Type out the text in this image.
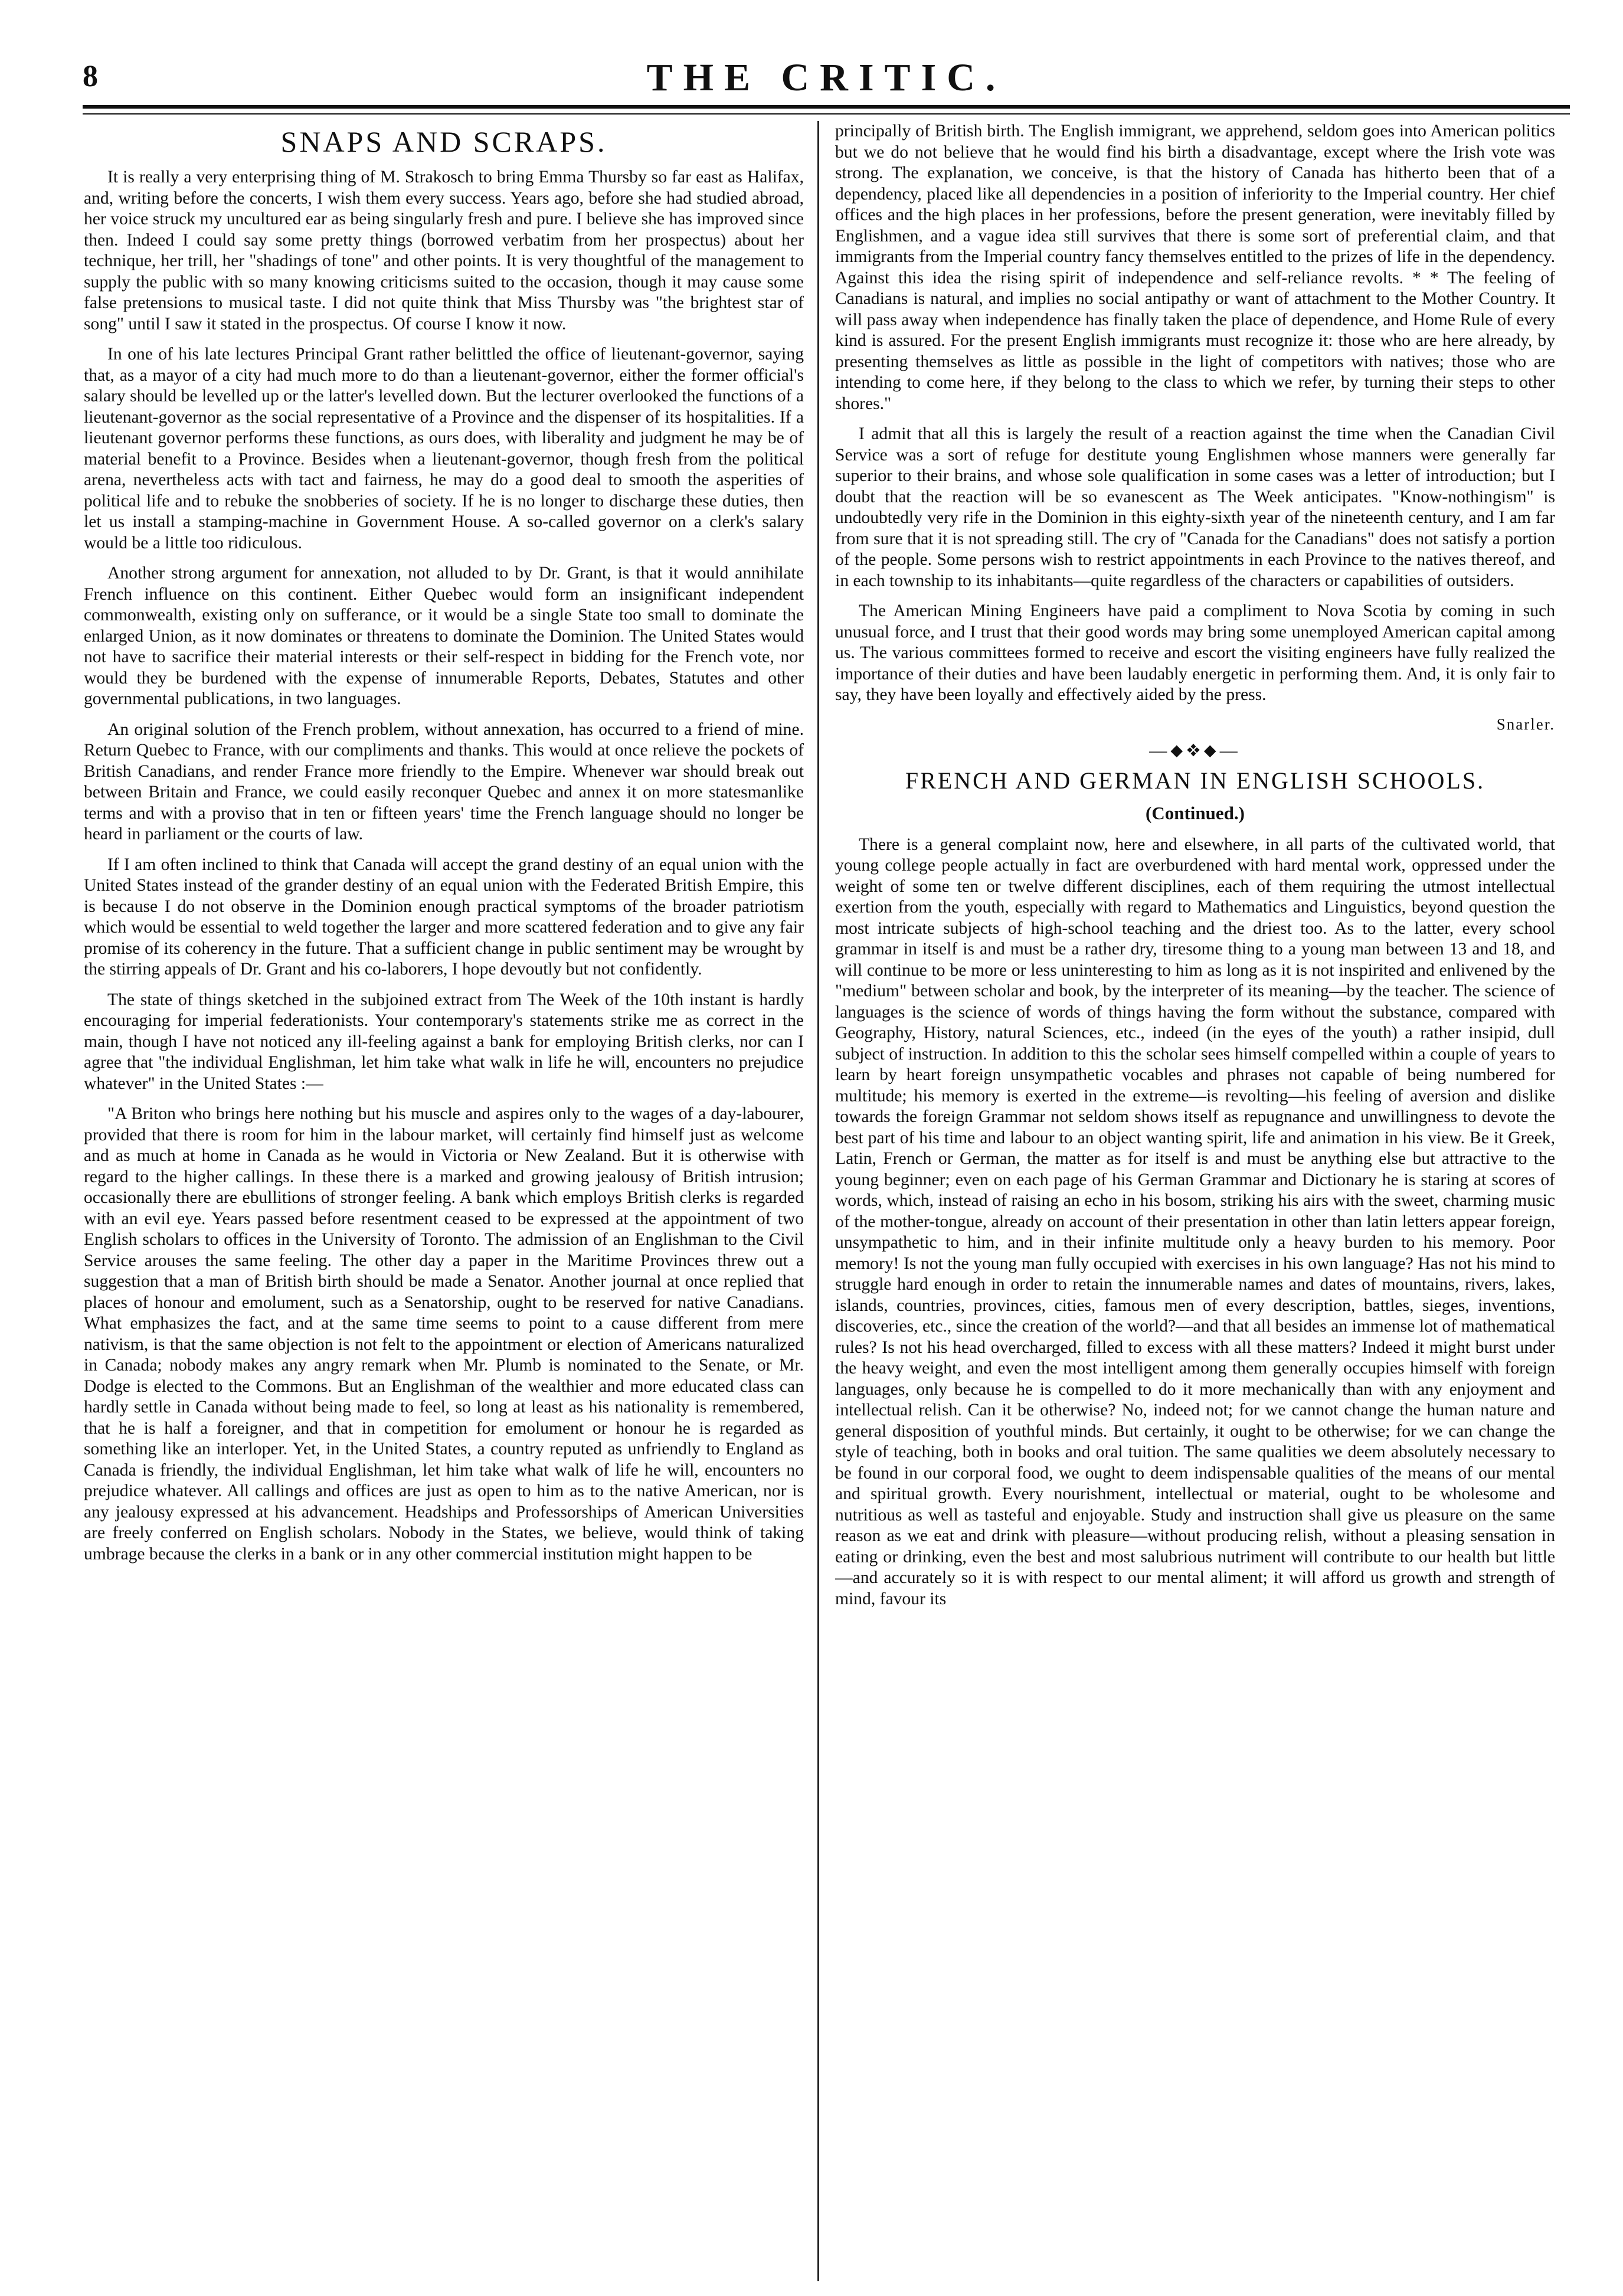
8	THE CRITIC.
SNAPS AND SCRAPS.

It is really a very enterprising thing of M. Strakosch to bring Emma Thursby so far east as Halifax, and, writing before the concerts, I wish them every success. Years ago, before she had studied abroad, her voice struck my uncultured ear as being singularly fresh and pure. I believe she has improved since then. Indeed I could say some pretty things (borrowed verbatim from her prospectus) about her technique, her trill, her "shadings of tone" and other points. It is very thoughtful of the management to supply the public with so many knowing criticisms suited to the occasion, though it may cause some false pretensions to musical taste. I did not quite think that Miss Thursby was "the brightest star of song" until I saw it stated in the prospectus. Of course I know it now.

In one of his late lectures Principal Grant rather belittled the office of lieutenant-governor, saying that, as a mayor of a city had much more to do than a lieutenant-governor, either the former official's salary should be levelled up or the latter's levelled down. But the lecturer overlooked the functions of a lieutenant-governor as the social representative of a Province and the dispenser of its hospitalities. If a lieutenant governor performs these functions, as ours does, with liberality and judgment he may be of material benefit to a Province. Besides when a lieutenant-governor, though fresh from the political arena, nevertheless acts with tact and fairness, he may do a good deal to smooth the asperities of political life and to rebuke the snobberies of society. If he is no longer to discharge these duties, then let us install a stamping-machine in Government House. A so-called governor on a clerk's salary would be a little too ridiculous.

Another strong argument for annexation, not alluded to by Dr. Grant, is that it would annihilate French influence on this continent. Either Quebec would form an insignificant independent commonwealth, existing only on sufferance, or it would be a single State too small to dominate the enlarged Union, as it now dominates or threatens to dominate the Dominion. The United States would not have to sacrifice their material interests or their self-respect in bidding for the French vote, nor would they be burdened with the expense of innumerable Reports, Debates, Statutes and other governmental publications, in two languages.

An original solution of the French problem, without annexation, has occurred to a friend of mine. Return Quebec to France, with our compliments and thanks. This would at once relieve the pockets of British Canadians, and render France more friendly to the Empire. Whenever war should break out between Britain and France, we could easily reconquer Quebec and annex it on more statesmanlike terms and with a proviso that in ten or fifteen years' time the French language should no longer be heard in parliament or the courts of law.

If I am often inclined to think that Canada will accept the grand destiny of an equal union with the United States instead of the grander destiny of an equal union with the Federated British Empire, this is because I do not observe in the Dominion enough practical symptoms of the broader patriotism which would be essential to weld together the larger and more scattered federation and to give any fair promise of its coherency in the future. That a sufficient change in public sentiment may be wrought by the stirring appeals of Dr. Grant and his co-laborers, I hope devoutly but not confidently.

The state of things sketched in the subjoined extract from The Week of the 10th instant is hardly encouraging for imperial federationists. Your contemporary's statements strike me as correct in the main, though I have not noticed any ill-feeling against a bank for employing British clerks, nor can I agree that "the individual Englishman, let him take what walk in life he will, encounters no prejudice whatever" in the United States :—

"A Briton who brings here nothing but his muscle and aspires only to the wages of a day-labourer, provided that there is room for him in the labour market, will certainly find himself just as welcome and as much at home in Canada as he would in Victoria or New Zealand. But it is otherwise with regard to the higher callings. In these there is a marked and growing jealousy of British intrusion; occasionally there are ebullitions of stronger feeling. A bank which employs British clerks is regarded with an evil eye. Years passed before resentment ceased to be expressed at the appointment of two English scholars to offices in the University of Toronto. The admission of an Englishman to the Civil Service arouses the same feeling. The other day a paper in the Maritime Provinces threw out a suggestion that a man of British birth should be made a Senator. Another journal at once replied that places of honour and emolument, such as a Senatorship, ought to be reserved for native Canadians. What emphasizes the fact, and at the same time seems to point to a cause different from mere nativism, is that the same objection is not felt to the appointment or election of Americans naturalized in Canada; nobody makes any angry remark when Mr. Plumb is nominated to the Senate, or Mr. Dodge is elected to the Commons. But an Englishman of the wealthier and more educated class can hardly settle in Canada without being made to feel, so long at least as his nationality is remembered, that he is half a foreigner, and that in competition for emolument or honour he is regarded as something like an interloper. Yet, in the United States, a country reputed as unfriendly to England as Canada is friendly, the individual Englishman, let him take what walk of life he will, encounters no prejudice whatever. All callings and offices are just as open to him as to the native American, nor is any jealousy expressed at his advancement. Headships and Professorships of American Universities are freely conferred on English scholars. Nobody in the States, we believe, would think of taking umbrage because the clerks in a bank or in any other commercial institution might happen to be

principally of British birth. The English immigrant, we apprehend, seldom goes into American politics but we do not believe that he would find his birth a disadvantage, except where the Irish vote was strong. The explanation, we conceive, is that the history of Canada has hitherto been that of a dependency, placed like all dependencies in a position of inferiority to the Imperial country. Her chief offices and the high places in her professions, before the present generation, were inevitably filled by Englishmen, and a vague idea still survives that there is some sort of preferential claim, and that immigrants from the Imperial country fancy themselves entitled to the prizes of life in the dependency. Against this idea the rising spirit of independence and self-reliance revolts. * * The feeling of Canadians is natural, and implies no social antipathy or want of attachment to the Mother Country. It will pass away when independence has finally taken the place of dependence, and Home Rule of every kind is assured. For the present English immigrants must recognize it: those who are here already, by presenting themselves as little as possible in the light of competitors with natives; those who are intending to come here, if they belong to the class to which we refer, by turning their steps to other shores."

I admit that all this is largely the result of a reaction against the time when the Canadian Civil Service was a sort of refuge for destitute young Englishmen whose manners were generally far superior to their brains, and whose sole qualification in some cases was a letter of introduction; but I doubt that the reaction will be so evanescent as The Week anticipates. "Know-nothingism" is undoubtedly very rife in the Dominion in this eighty-sixth year of the nineteenth century, and I am far from sure that it is not spreading still. The cry of "Canada for the Canadians" does not satisfy a portion of the people. Some persons wish to restrict appointments in each Province to the natives thereof, and in each township to its inhabitants—quite regardless of the characters or capabilities of outsiders.

The American Mining Engineers have paid a compliment to Nova Scotia by coming in such unusual force, and I trust that their good words may bring some unemployed American capital among us. The various committees formed to receive and escort the visiting engineers have fully realized the importance of their duties and have been laudably energetic in performing them. And, it is only fair to say, they have been loyally and effectively aided by the press.

Snarler.
—⬥❖⬥—
FRENCH AND GERMAN IN ENGLISH SCHOOLS.
(Continued.)

There is a general complaint now, here and elsewhere, in all parts of the cultivated world, that young college people actually in fact are overburdened with hard mental work, oppressed under the weight of some ten or twelve different disciplines, each of them requiring the utmost intellectual exertion from the youth, especially with regard to Mathematics and Linguistics, beyond question the most intricate subjects of high-school teaching and the driest too. As to the latter, every school grammar in itself is and must be a rather dry, tiresome thing to a young man between 13 and 18, and will continue to be more or less uninteresting to him as long as it is not inspirited and enlivened by the "medium" between scholar and book, by the interpreter of its meaning—by the teacher. The science of languages is the science of words of things having the form without the substance, compared with Geography, History, natural Sciences, etc., indeed (in the eyes of the youth) a rather insipid, dull subject of instruction. In addition to this the scholar sees himself compelled within a couple of years to learn by heart foreign unsympathetic vocables and phrases not capable of being numbered for multitude; his memory is exerted in the extreme—is revolting—his feeling of aversion and dislike towards the foreign Grammar not seldom shows itself as repugnance and unwillingness to devote the best part of his time and labour to an object wanting spirit, life and animation in his view. Be it Greek, Latin, French or German, the matter as for itself is and must be anything else but attractive to the young beginner; even on each page of his German Grammar and Dictionary he is staring at scores of words, which, instead of raising an echo in his bosom, striking his airs with the sweet, charming music of the mother-tongue, already on account of their presentation in other than latin letters appear foreign, unsympathetic to him, and in their infinite multitude only a heavy burden to his memory. Poor memory! Is not the young man fully occupied with exercises in his own language? Has not his mind to struggle hard enough in order to retain the innumerable names and dates of mountains, rivers, lakes, islands, countries, provinces, cities, famous men of every description, battles, sieges, inventions, discoveries, etc., since the creation of the world?—and that all besides an immense lot of mathematical rules? Is not his head overcharged, filled to excess with all these matters? Indeed it might burst under the heavy weight, and even the most intelligent among them generally occupies himself with foreign languages, only because he is compelled to do it more mechanically than with any enjoyment and intellectual relish. Can it be otherwise? No, indeed not; for we cannot change the human nature and general disposition of youthful minds. But certainly, it ought to be otherwise; for we can change the style of teaching, both in books and oral tuition. The same qualities we deem absolutely necessary to be found in our corporal food, we ought to deem indispensable qualities of the means of our mental and spiritual growth. Every nourishment, intellectual or material, ought to be wholesome and nutritious as well as tasteful and enjoyable. Study and instruction shall give us pleasure on the same reason as we eat and drink with pleasure—without producing relish, without a pleasing sensation in eating or drinking, even the best and most salubrious nutriment will contribute to our health but little—and accurately so it is with respect to our mental aliment; it will afford us growth and strength of mind, favour its
